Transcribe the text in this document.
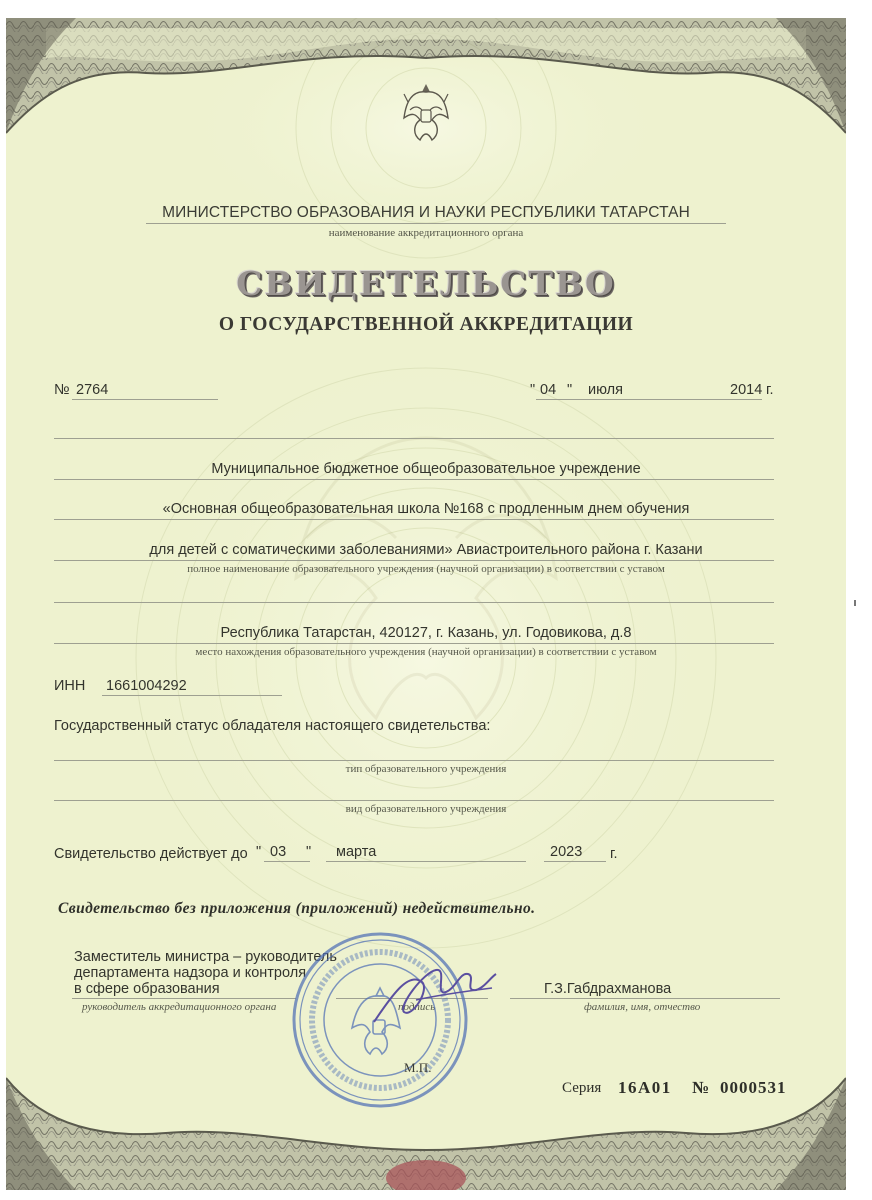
МИНИСТЕРСТВО ОБРАЗОВАНИЯ И НАУКИ РЕСПУБЛИКИ ТАТАРСТАН
наименование аккредитационного органа
СВИДЕТЕЛЬСТВО
О ГОСУДАРСТВЕННОЙ АККРЕДИТАЦИИ
№ 2764	" 04 " июля	2014 г.
Муниципальное бюджетное общеобразовательное учреждение
«Основная общеобразовательная школа №168 с продленным днем обучения
для детей с соматическими заболеваниями» Авиастроительного района г. Казани
полное наименование образовательного учреждения (научной организации) в соответствии с уставом
Республика Татарстан, 420127, г. Казань, ул. Годовикова, д.8
место нахождения образовательного учреждения (научной организации) в соответствии с уставом
ИНН 1661004292
Государственный статус обладателя настоящего свидетельства:
тип образовательного учреждения
вид образовательного учреждения
Свидетельство действует до " 03 " марта	2023 г.
Свидетельство без приложения (приложений) недействительно.
Заместитель министра – руководитель
департамента надзора и контроля
в сфере образования
руководитель аккредитационного органа	подпись
Г.З.Габдрахманова
фамилия, имя, отчество
М.П.
Серия 16А01 № 0000531
